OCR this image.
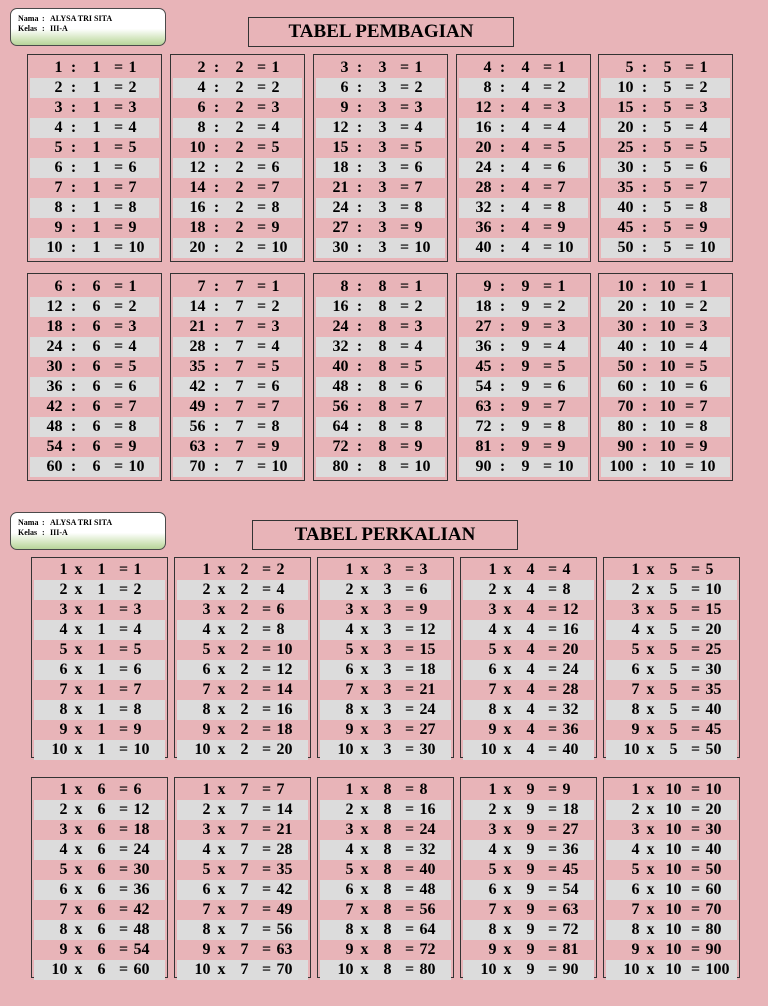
Nama : ALYSA TRI SITA
Kelas : III-A	TABEL PEMBAGIAN
Nama : ALYSA TRI SITA
Kelas : III-A	TABEL PERKALIAN
1 :	1 = 1
2 :	1 = 2
3 :	1 = 3
4 :	1 = 4
5 :	1 = 5
6 :	1 = 6
7 :	1 = 7
8 :	1 = 8
9 :	1 = 9
10 :	1 = 10
2 :	2 = 1
4 :	2 = 2
6 :	2 = 3
8 :	2 = 4
10 :	2 = 5
12 :	2 = 6
14 :	2 = 7
16 :	2 = 8
18 :	2 = 9
20 :	2 = 10
3 :	3 = 1
6 :	3 = 2
9 :	3 = 3
12 :	3 = 4
15 :	3 = 5
18 :	3 = 6
21 :	3 = 7
24 :	3 = 8
27 :	3 = 9
30 :	3 = 10
4 :	4 = 1
8 :	4 = 2
12 :	4 = 3
16 :	4 = 4
20 :	4 = 5
24 :	4 = 6
28 :	4 = 7
32 :	4 = 8
36 :	4 = 9
40 :	4 = 10
5 :	5 = 1
10 :	5 = 2
15 :	5 = 3
20 :	5 = 4
25 :	5 = 5
30 :	5 = 6
35 :	5 = 7
40 :	5 = 8
45 :	5 = 9
50 :	5 = 10
6 :	6 = 1
12 :	6 = 2
18 :	6 = 3
24 :	6 = 4
30 :	6 = 5
36 :	6 = 6
42 :	6 = 7
48 :	6 = 8
54 :	6 = 9
60 :	6 = 10
7 :	7 = 1
14 :	7 = 2
21 :	7 = 3
28 :	7 = 4
35 :	7 = 5
42 :	7 = 6
49 :	7 = 7
56 :	7 = 8
63 :	7 = 9
70 :	7 = 10
8 :	8 = 1
16 :	8 = 2
24 :	8 = 3
32 :	8 = 4
40 :	8 = 5
48 :	8 = 6
56 :	8 = 7
64 :	8 = 8
72 :	8 = 9
80 :	8 = 10
9 :	9 = 1
18 :	9 = 2
27 :	9 = 3
36 :	9 = 4
45 :	9 = 5
54 :	9 = 6
63 :	9 = 7
72 :	9 = 8
81 :	9 = 9
90 :	9 = 10
10 : 10 = 1
20 : 10 = 2
30 : 10 = 3
40 : 10 = 4
50 : 10 = 5
60 : 10 = 6
70 : 10 = 7
80 : 10 = 8
90 : 10 = 9
100 : 10 = 10
1 x 1 = 1
2 x 1 = 2
3 x 1 = 3
4 x 1 = 4
5 x 1 = 5
6 x 1 = 6
7 x 1 = 7
8 x 1 = 8
9 x 1 = 9
10 x 1 = 10
1 x 2 = 2
2 x 2 = 4
3 x 2 = 6
4 x 2 = 8
5 x 2 = 10
6 x 2 = 12
7 x 2 = 14
8 x 2 = 16
9 x 2 = 18
10 x 2 = 20
1 x 3 = 3
2 x 3 = 6
3 x 3 = 9
4 x 3 = 12
5 x 3 = 15
6 x 3 = 18
7 x 3 = 21
8 x 3 = 24
9 x 3 = 27
10 x 3 = 30
1 x 4 = 4
2 x 4 = 8
3 x 4 = 12
4 x 4 = 16
5 x 4 = 20
6 x 4 = 24
7 x 4 = 28
8 x 4 = 32
9 x 4 = 36
10 x 4 = 40
1 x 5 = 5
2 x 5 = 10
3 x 5 = 15
4 x 5 = 20
5 x 5 = 25
6 x 5 = 30
7 x 5 = 35
8 x 5 = 40
9 x 5 = 45
10 x 5 = 50
1 x 6 = 6
2 x 6 = 12
3 x 6 = 18
4 x 6 = 24
5 x 6 = 30
6 x 6 = 36
7 x 6 = 42
8 x 6 = 48
9 x 6 = 54
10 x 6 = 60
1 x 7 = 7
2 x 7 = 14
3 x 7 = 21
4 x 7 = 28
5 x 7 = 35
6 x 7 = 42
7 x 7 = 49
8 x 7 = 56
9 x 7 = 63
10 x 7 = 70
1 x 8 = 8
2 x 8 = 16
3 x 8 = 24
4 x 8 = 32
5 x 8 = 40
6 x 8 = 48
7 x 8 = 56
8 x 8 = 64
9 x 8 = 72
10 x 8 = 80
1 x 9 = 9
2 x 9 = 18
3 x 9 = 27
4 x 9 = 36
5 x 9 = 45
6 x 9 = 54
7 x 9 = 63
8 x 9 = 72
9 x 9 = 81
10 x 9 = 90
1 x 10 = 10
2 x 10 = 20
3 x 10 = 30
4 x 10 = 40
5 x 10 = 50
6 x 10 = 60
7 x 10 = 70
8 x 10 = 80
9 x 10 = 90
10 x 10 = 100
